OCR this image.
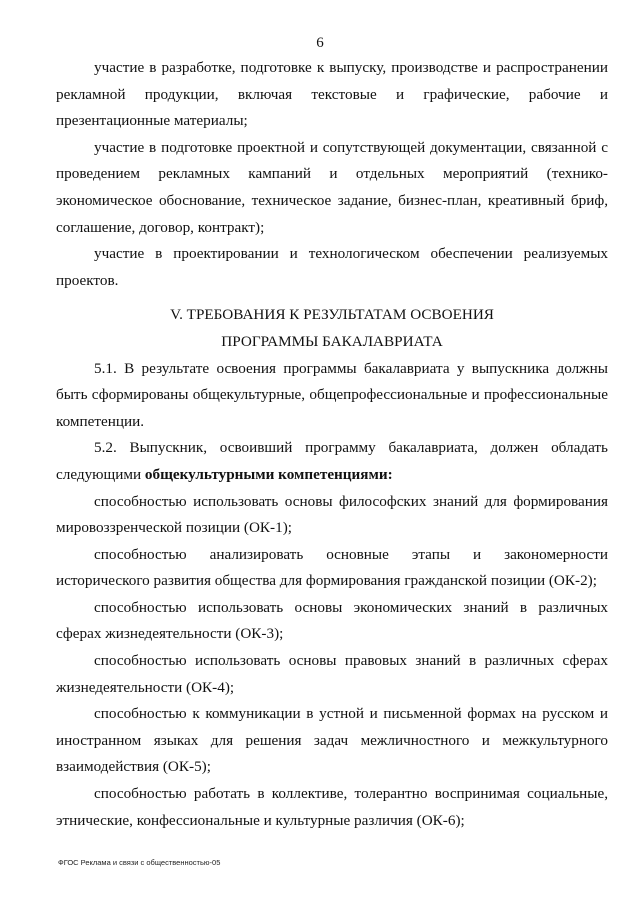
6

участие в разработке, подготовке к выпуску, производстве и распространении рекламной продукции, включая текстовые и графические, рабочие и презентационные материалы;

участие в подготовке проектной и сопутствующей документации, связанной с проведением рекламных кампаний и отдельных мероприятий (технико-экономическое обоснование, техническое задание, бизнес-план, креативный бриф, соглашение, договор, контракт);

участие в проектировании и технологическом обеспечении реализуемых проектов.

V. ТРЕБОВАНИЯ К РЕЗУЛЬТАТАМ ОСВОЕНИЯ

ПРОГРАММЫ БАКАЛАВРИАТА

5.1. В результате освоения программы бакалавриата у выпускника должны быть сформированы общекультурные, общепрофессиональные и профессиональные компетенции.

5.2. Выпускник, освоивший программу бакалавриата, должен обладать следующими общекультурными компетенциями:

способностью использовать основы философских знаний для формирования мировоззренческой позиции (ОК-1);

способностью анализировать основные этапы и закономерности исторического развития общества для формирования гражданской позиции (ОК-2);

способностью использовать основы экономических знаний в различных сферах жизнедеятельности (ОК-3);

способностью использовать основы правовых знаний в различных сферах жизнедеятельности (ОК-4);

способностью к коммуникации в устной и письменной формах на русском и иностранном языках для решения задач межличностного и межкультурного взаимодействия (ОК-5);

способностью работать в коллективе, толерантно воспринимая социальные, этнические, конфессиональные и культурные различия (ОК-6);

ФГОС Реклама и связи с общественностью-05
